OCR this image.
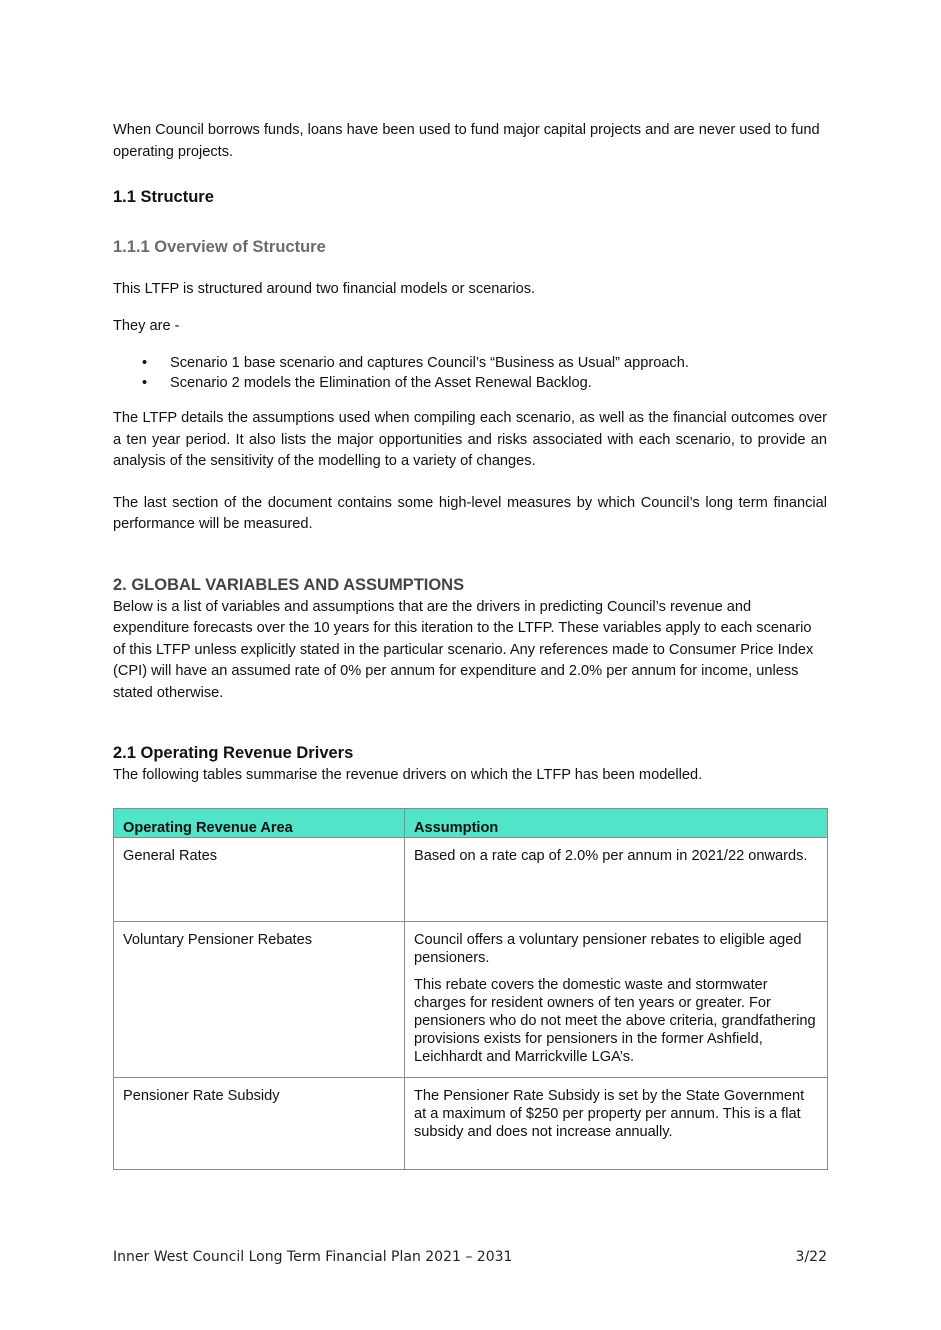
When Council borrows funds, loans have been used to fund major capital projects and are never used to fund operating projects.

1.1 Structure
1.1.1 Overview of Structure

This LTFP is structured around two financial models or scenarios.

They are -

• Scenario 1 base scenario and captures Council’s “Business as Usual” approach.
• Scenario 2 models the Elimination of the Asset Renewal Backlog.

The LTFP details the assumptions used when compiling each scenario, as well as the financial outcomes over a ten year period. It also lists the major opportunities and risks associated with each scenario, to provide an analysis of the sensitivity of the modelling to a variety of changes.

The last section of the document contains some high-level measures by which Council’s long term financial performance will be measured.

2. GLOBAL VARIABLES AND ASSUMPTIONS

Below is a list of variables and assumptions that are the drivers in predicting Council’s revenue and expenditure forecasts over the 10 years for this iteration to the LTFP. These variables apply to each scenario of this LTFP unless explicitly stated in the particular scenario. Any references made to Consumer Price Index (CPI) will have an assumed rate of 0% per annum for expenditure and 2.0% per annum for income, unless stated otherwise.

2.1 Operating Revenue Drivers

The following tables summarise the revenue drivers on which the LTFP has been modelled.

Operating Revenue Area	Assumption
General Rates	Based on a rate cap of 2.0% per annum in 2021/22 onwards.

Voluntary Pensioner Rebates	Council offers a voluntary pensioner rebates to eligible aged pensioners.

This rebate covers the domestic waste and stormwater charges for resident owners of ten years or greater. For pensioners who do not meet the above criteria, grandfathering provisions exists for pensioners in the former Ashfield, Leichhardt and Marrickville LGA’s.

Pensioner Rate Subsidy	The Pensioner Rate Subsidy is set by the State Government at a maximum of $250 per property per annum. This is a flat subsidy and does not increase annually.

Inner West Council Long Term Financial Plan 2021 – 2031	3/22
